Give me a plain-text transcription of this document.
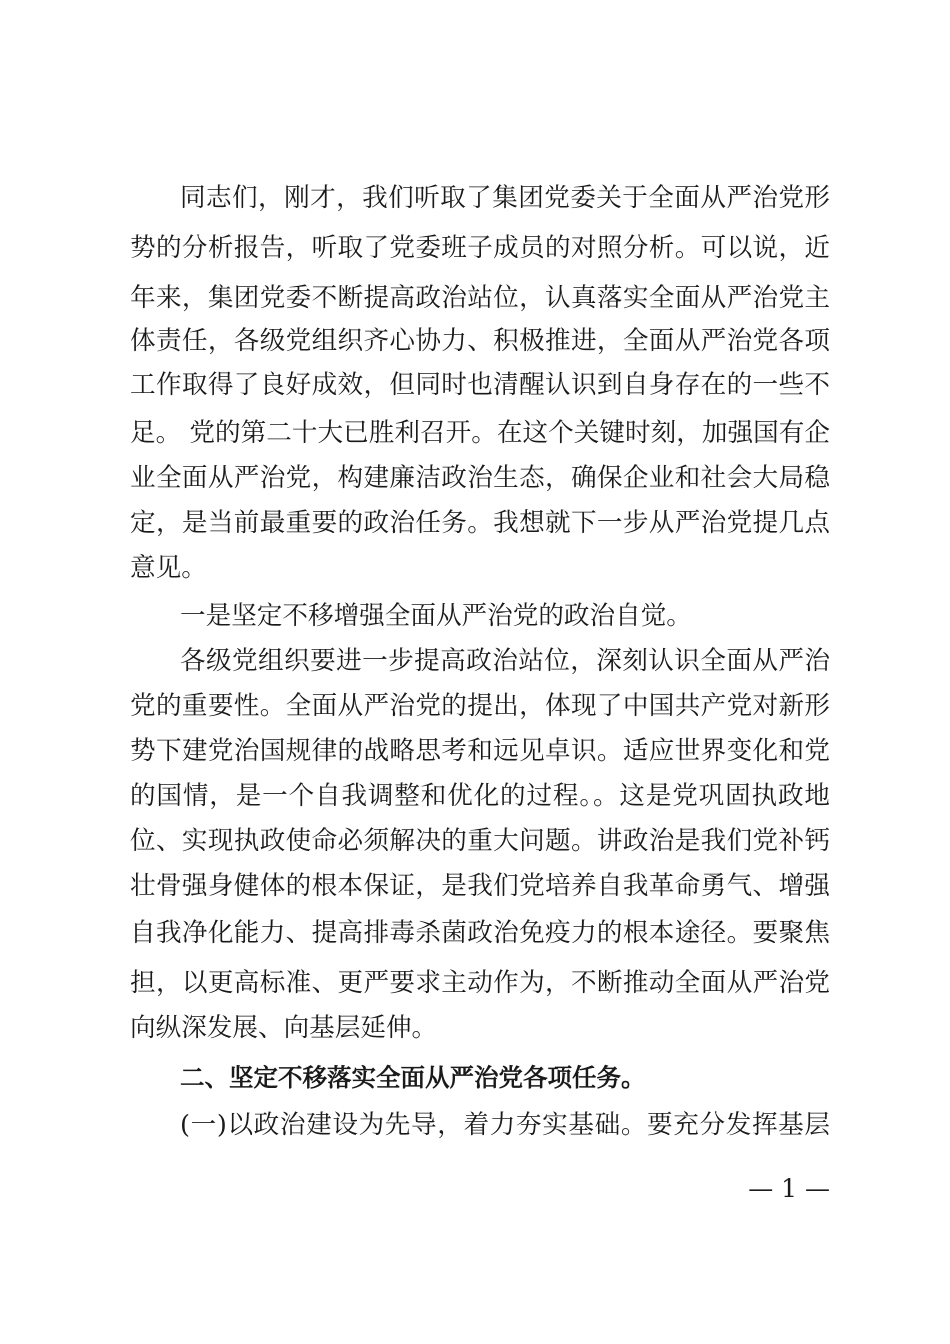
同志们，刚才，我们听取了集团党委关于全面从严治党形
势的分析报告，听取了党委班子成员的对照分析。可以说，近
年来，集团党委不断提高政治站位，认真落实全面从严治党主
体责任，各级党组织齐心协力、积极推进，全面从严治党各项
工作取得了良好成效，但同时也清醒认识到自身存在的一些不
足。 党的第二十大已胜利召开。在这个关键时刻，加强国有企
业全面从严治党，构建廉洁政治生态，确保企业和社会大局稳
定，是当前最重要的政治任务。我想就下一步从严治党提几点
意见。
一是坚定不移增强全面从严治党的政治自觉。
各级党组织要进一步提高政治站位，深刻认识全面从严治
党的重要性。全面从严治党的提出，体现了中国共产党对新形
势下建党治国规律的战略思考和远见卓识。适应世界变化和党
的国情，是一个自我调整和优化的过程。。这是党巩固执政地
位、实现执政使命必须解决的重大问题。讲政治是我们党补钙
壮骨强身健体的根本保证，是我们党培养自我革命勇气、增强
自我净化能力、提高排毒杀菌政治免疫力的根本途径。要聚焦
担，以更高标准、更严要求主动作为，不断推动全面从严治党
向纵深发展、向基层延伸。
二、坚定不移落实全面从严治党各项任务。
(一)以政治建设为先导，着力夯实基础。要充分发挥基层
— 1 —
